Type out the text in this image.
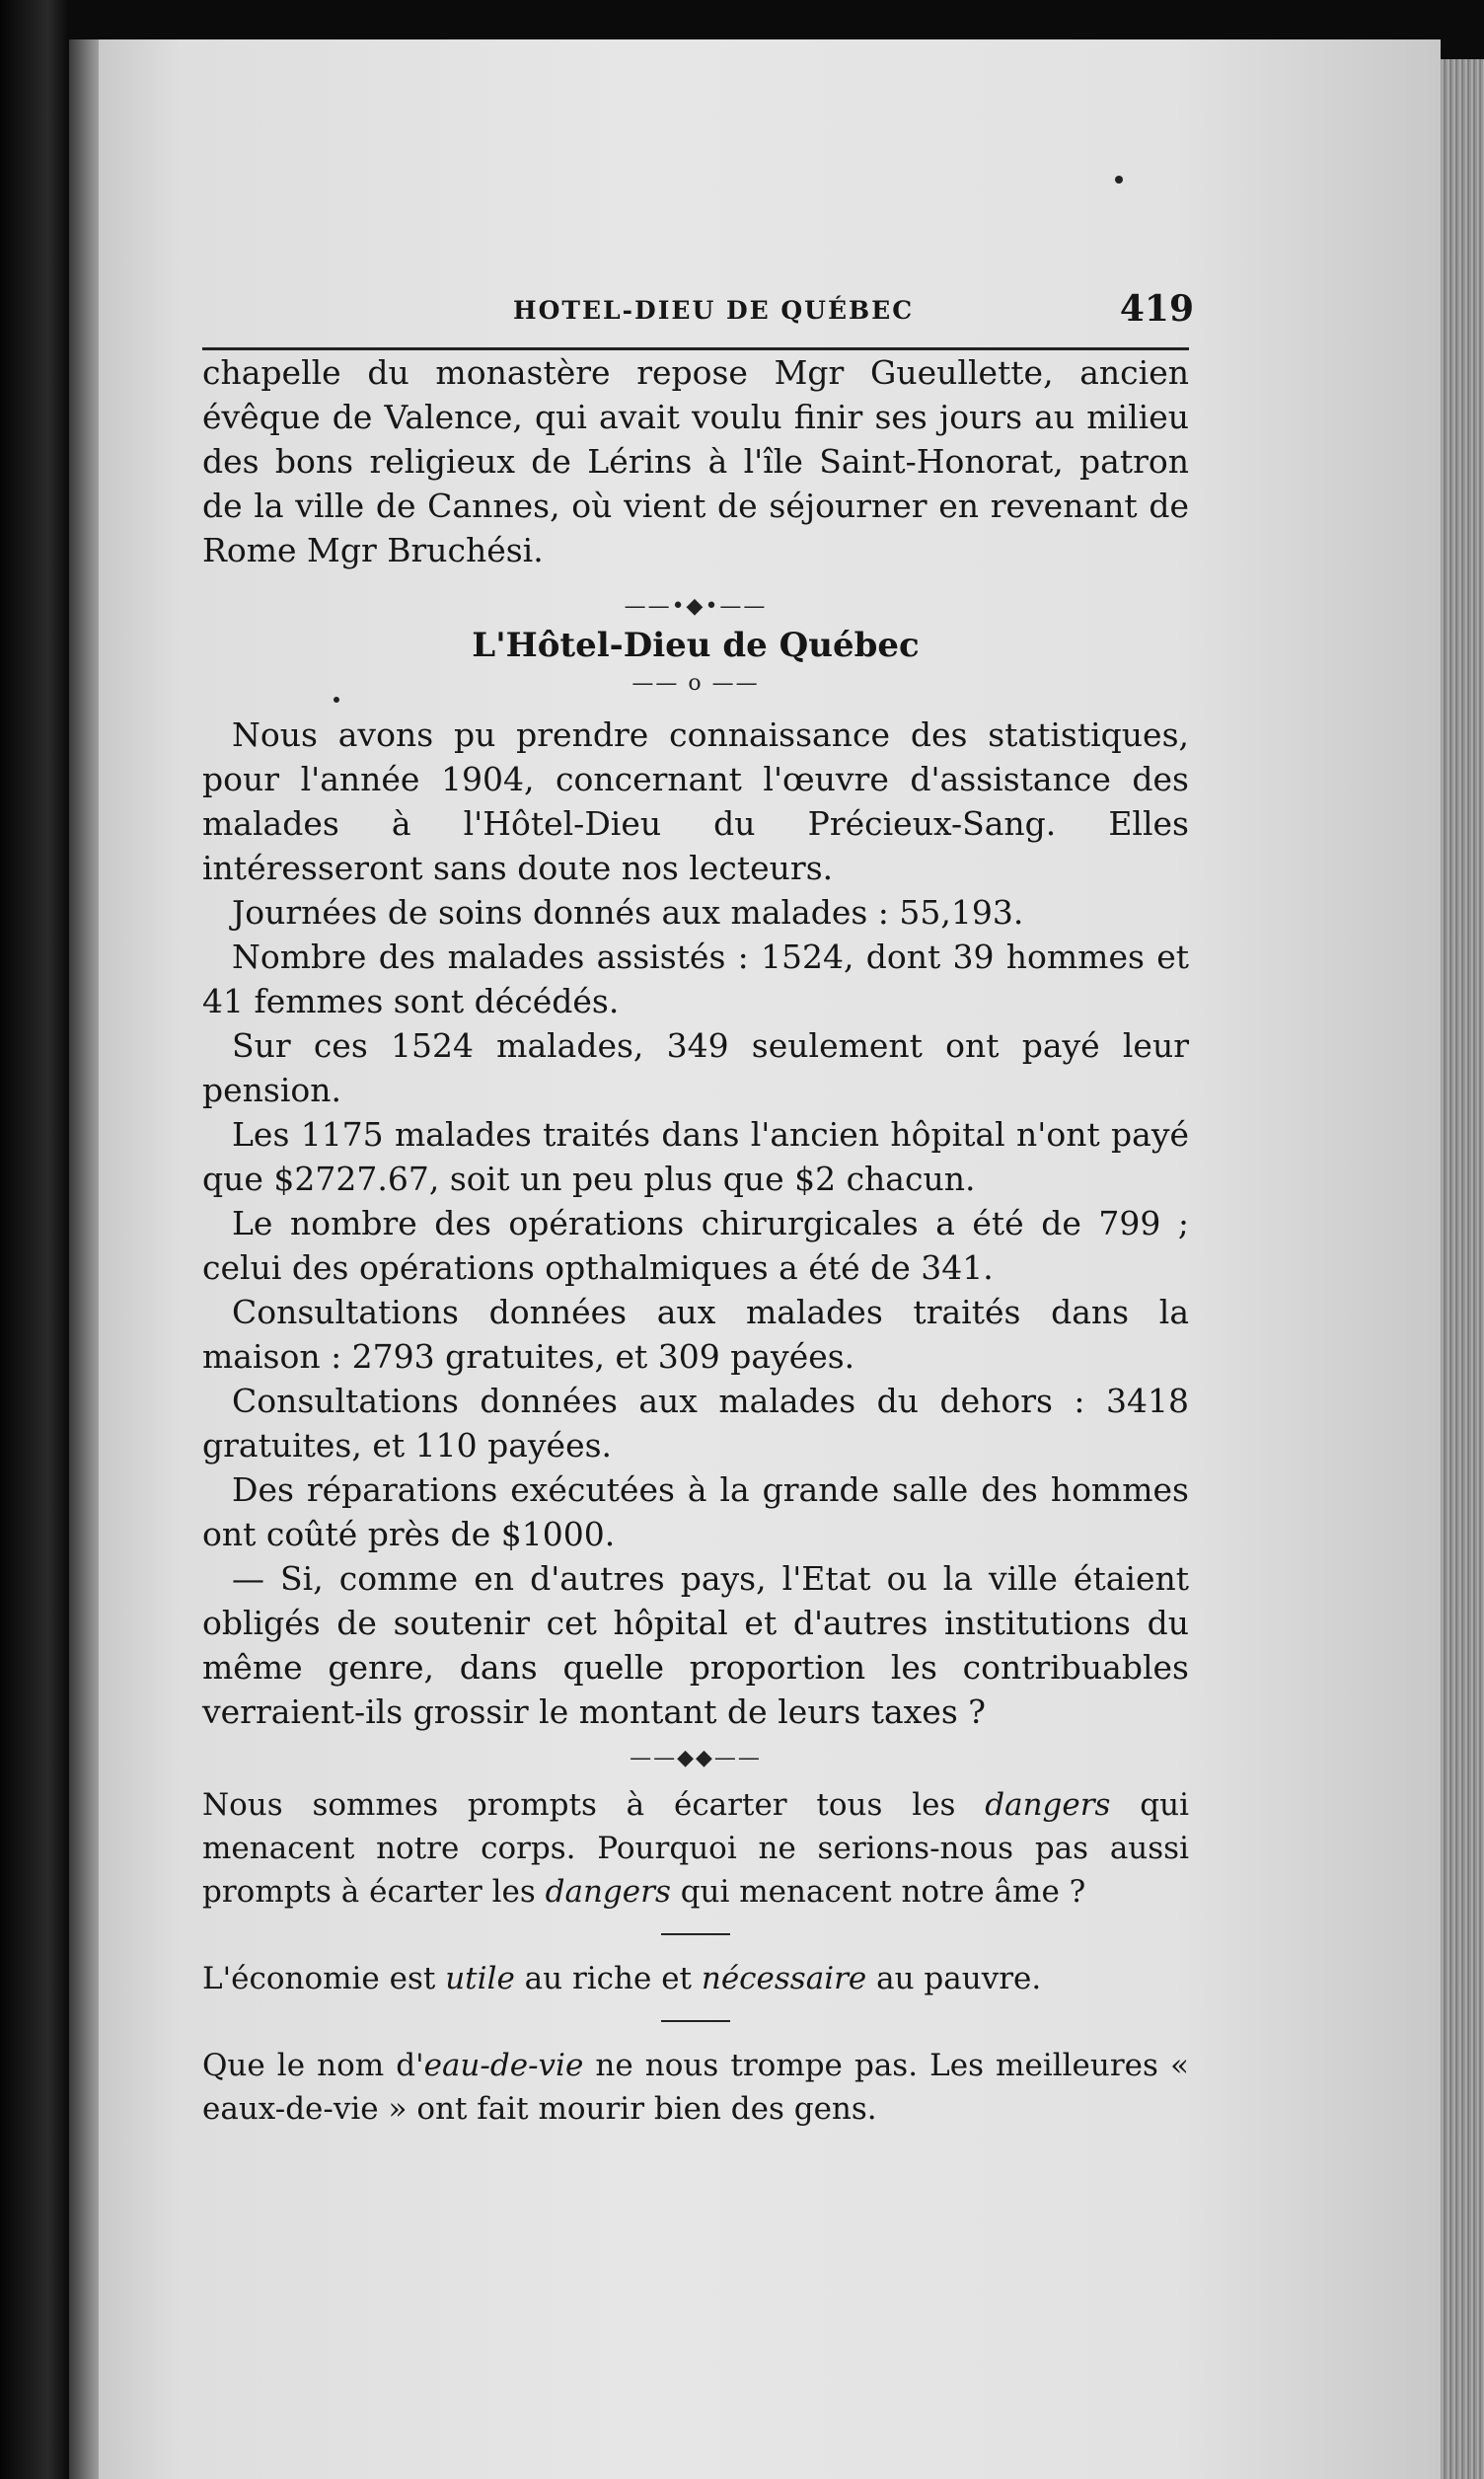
HOTEL-DIEU DE QUÉBEC	419

chapelle du monastère repose Mgr Gueullette, ancien évêque de Valence, qui avait voulu finir ses jours au milieu des bons religieux de Lérins à l'île Saint-Honorat, patron de la ville de Cannes, où vient de séjourner en revenant de Rome Mgr Bruchési.

——•◆•——

L'Hôtel-Dieu de Québec

—— o ——

Nous avons pu prendre connaissance des statistiques, pour l'année 1904, concernant l'œuvre d'assistance des malades à l'Hôtel-Dieu du Précieux-Sang. Elles intéresseront sans doute nos lecteurs.

Journées de soins donnés aux malades : 55,193.

Nombre des malades assistés : 1524, dont 39 hommes et 41 femmes sont décédés.

Sur ces 1524 malades, 349 seulement ont payé leur pension.

Les 1175 malades traités dans l'ancien hôpital n'ont payé que $2727.67, soit un peu plus que $2 chacun.

Le nombre des opérations chirurgicales a été de 799 ; celui des opérations opthalmiques a été de 341.

Consultations données aux malades traités dans la maison : 2793 gratuites, et 309 payées.

Consultations données aux malades du dehors : 3418 gratuites, et 110 payées.

Des réparations exécutées à la grande salle des hommes ont coûté près de $1000.

— Si, comme en d'autres pays, l'Etat ou la ville étaient obligés de soutenir cet hôpital et d'autres institutions du même genre, dans quelle proportion les contribuables verraient-ils grossir le montant de leurs taxes ?

——◆◆——

Nous sommes prompts à écarter tous les dangers qui menacent notre corps. Pourquoi ne serions-nous pas aussi prompts à écarter les dangers qui menacent notre âme ?

L'économie est utile au riche et nécessaire au pauvre.

Que le nom d'eau-de-vie ne nous trompe pas. Les meilleures « eaux-de-vie » ont fait mourir bien des gens.
